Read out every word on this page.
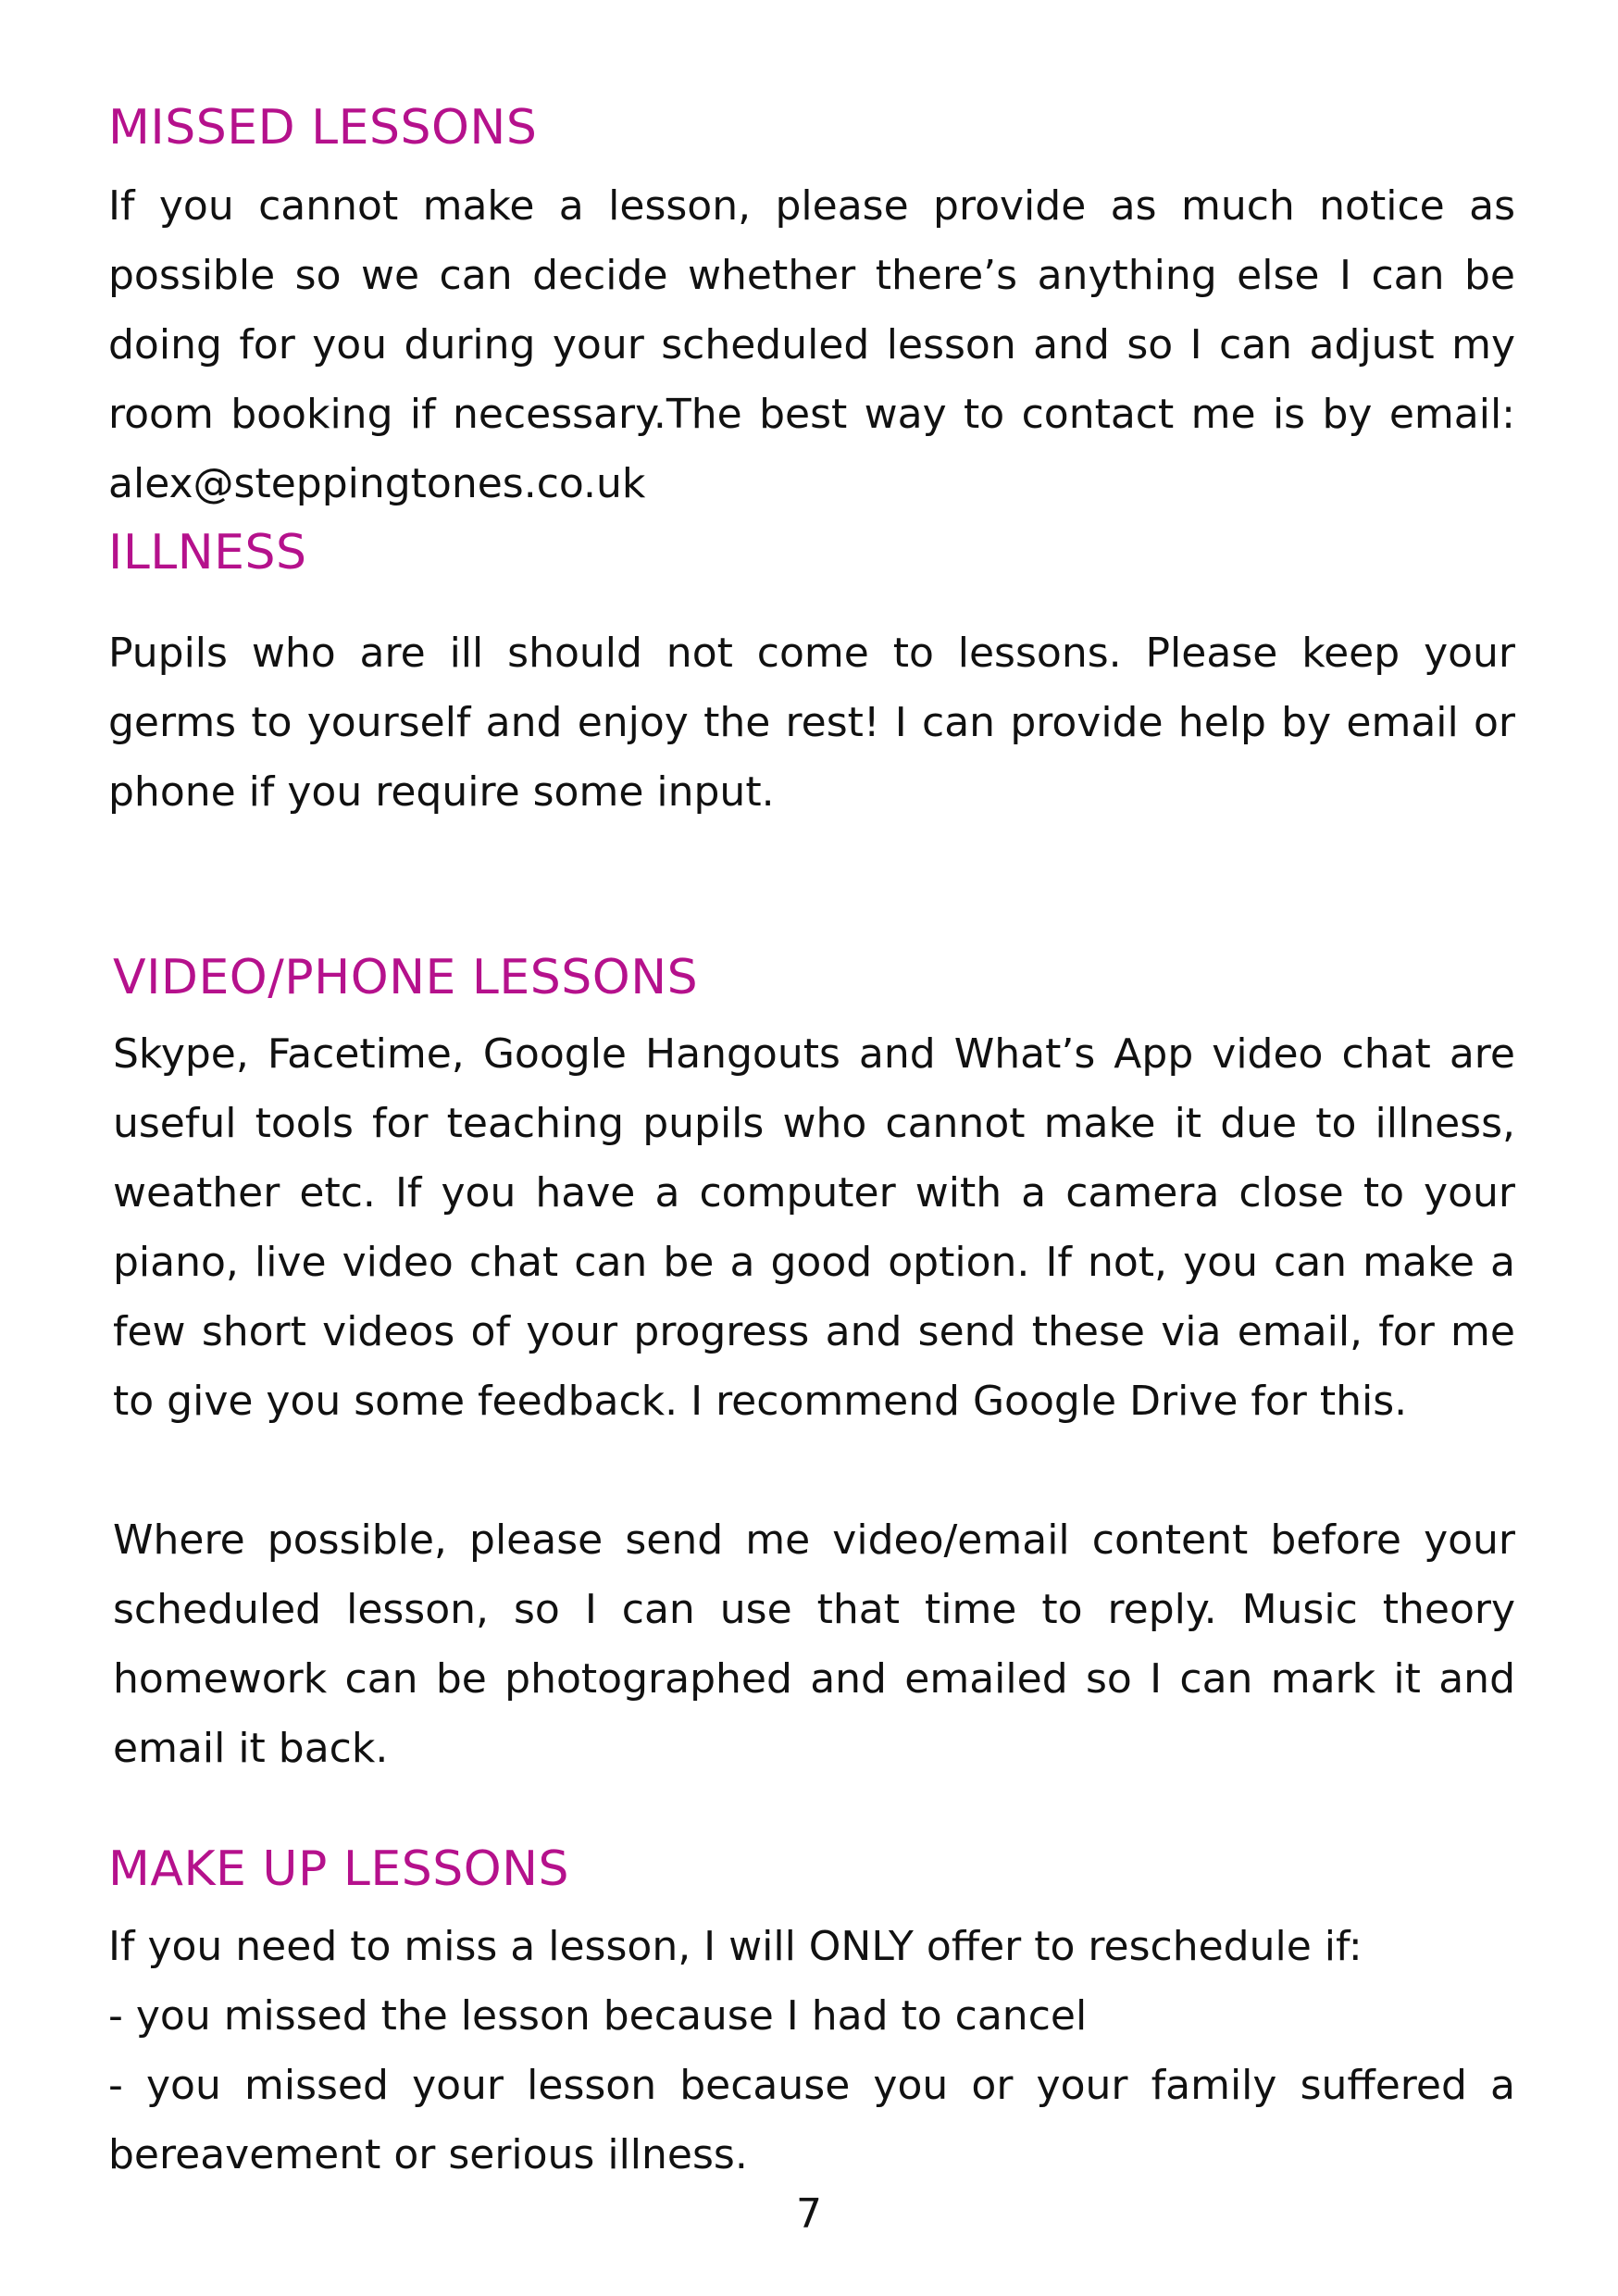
MISSED LESSONS

If you cannot make a lesson, please provide as much notice as possible so we can decide whether there’s anything else I can be doing for you during your scheduled lesson and so I can adjust my room booking if necessary.The best way to contact me is by email: alex@steppingtones.co.uk

ILLNESS

Pupils who are ill should not come to lessons. Please keep your germs to yourself and enjoy the rest! I can provide help by email or phone if you require some input.

VIDEO/PHONE LESSONS

Skype, Facetime, Google Hangouts and What’s App video chat are useful tools for teaching pupils who cannot make it due to illness, weather etc. If you have a computer with a camera close to your piano, live video chat can be a good option. If not, you can make a few short videos of your progress and send these via email, for me to give you some feedback. I recommend Google Drive for this.

Where possible, please send me video/email content before your scheduled lesson, so I can use that time to reply. Music theory homework can be photographed and emailed so I can mark it and email it back.

MAKE UP LESSONS

If you need to miss a lesson, I will ONLY offer to reschedule if:

- you missed the lesson because I had to cancel

- you missed your lesson because you or your family suffered a bereavement or serious illness.

7
